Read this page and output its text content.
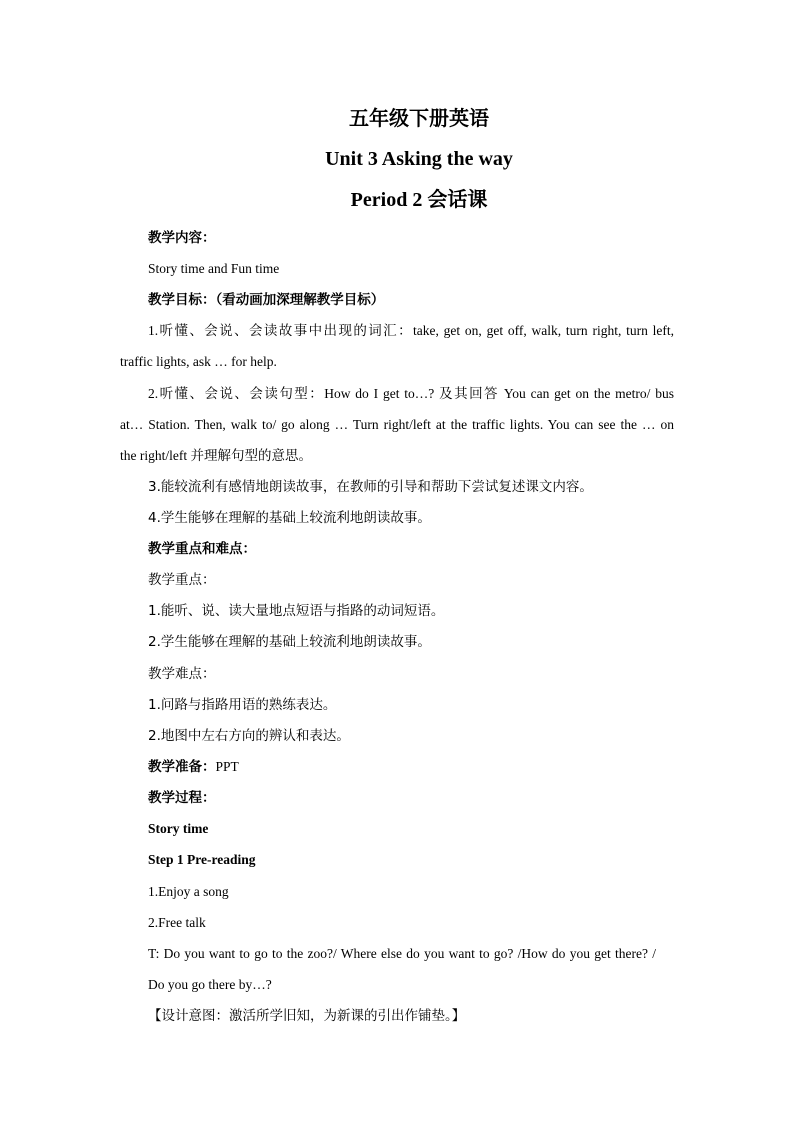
五年级下册英语
Unit 3 Asking the way
Period 2 会话课
教学内容：
Story time and Fun time
教学目标：（看动画加深理解教学目标）
1.听懂、会说、会读故事中出现的词汇：take, get on, get off, walk, turn right, turn left,
traffic lights, ask … for help.
2.听懂、会说、会读句型：How do I get to…? 及其回答 You can get on the metro/ bus
at… Station. Then, walk to/ go along … Turn right/left at the traffic lights. You can see the … on
the right/left 并理解句型的意思。
3.能较流利有感情地朗读故事，在教师的引导和帮助下尝试复述课文内容。
4.学生能够在理解的基础上较流利地朗读故事。
教学重点和难点：
教学重点：
1.能听、说、读大量地点短语与指路的动词短语。
2.学生能够在理解的基础上较流利地朗读故事。
教学难点：
1.问路与指路用语的熟练表达。
2.地图中左右方向的辨认和表达。
教学准备：PPT
教学过程：
Story time
Step 1 Pre-reading
1.Enjoy a song
2.Free talk
T: Do you want to go to the zoo?/ Where else do you want to go? /How do you get there? /
Do you go there by…?
【设计意图：激活所学旧知，为新课的引出作铺垫。】
